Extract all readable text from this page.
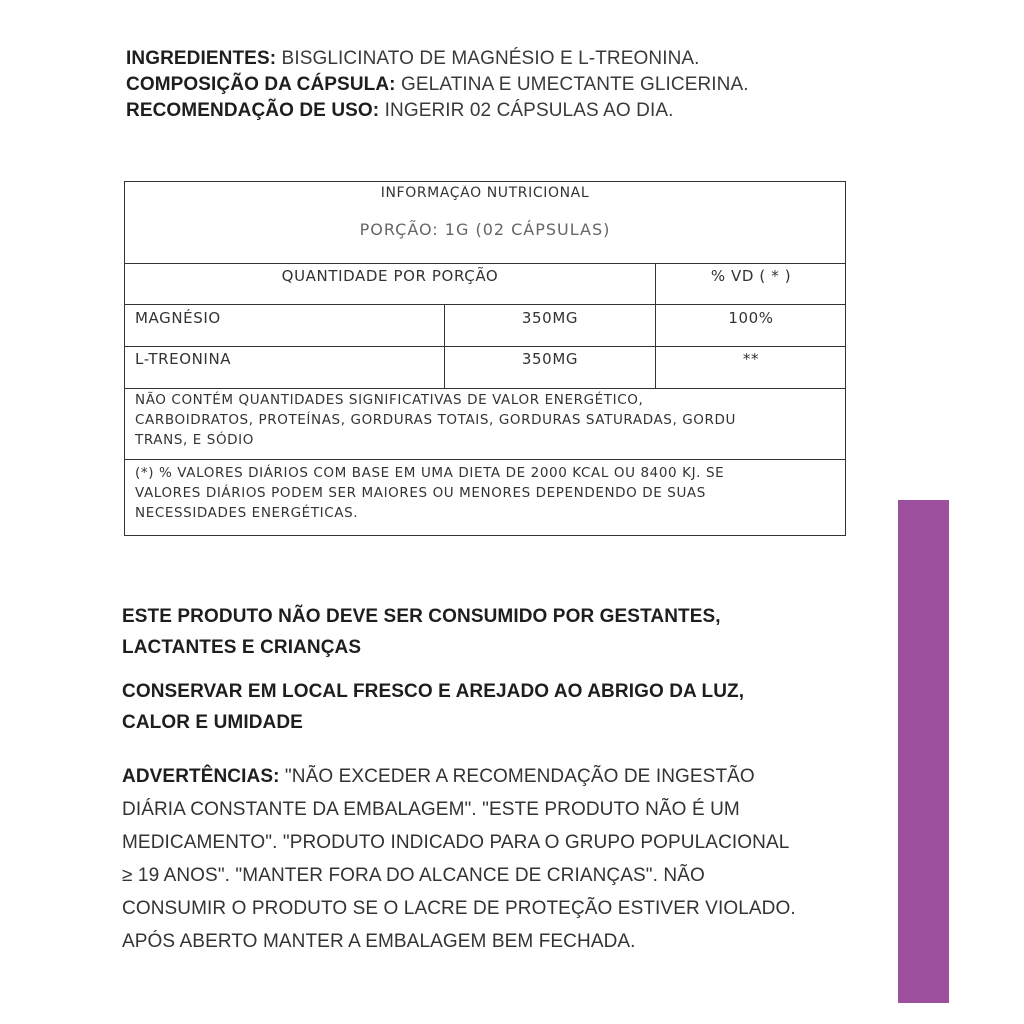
INGREDIENTES: BISGLICINATO DE MAGNÉSIO E L-TREONINA.
COMPOSIÇÃO DA CÁPSULA: GELATINA E UMECTANTE GLICERINA.
RECOMENDAÇÃO DE USO: INGERIR 02 CÁPSULAS AO DIA.
INFORMAÇÃO NUTRICIONAL
PORÇÃO: 1G (02 CÁPSULAS)
QUANTIDADE POR PORÇÃO	% VD ( * )
MAGNÉSIO	350MG	100%
L-TREONINA	350MG	**
NÃO CONTÉM QUANTIDADES SIGNIFICATIVAS DE VALOR ENERGÉTICO,
CARBOIDRATOS, PROTEÍNAS, GORDURAS TOTAIS, GORDURAS SATURADAS, GORDU
TRANS, E SÓDIO
(*) % VALORES DIÁRIOS COM BASE EM UMA DIETA DE 2000 KCAL OU 8400 KJ. SE
VALORES DIÁRIOS PODEM SER MAIORES OU MENORES DEPENDENDO DE SUAS
NECESSIDADES ENERGÉTICAS.
ESTE PRODUTO NÃO DEVE SER CONSUMIDO POR GESTANTES,
LACTANTES E CRIANÇAS
CONSERVAR EM LOCAL FRESCO E AREJADO AO ABRIGO DA LUZ,
CALOR E UMIDADE
ADVERTÊNCIAS: "NÃO EXCEDER A RECOMENDAÇÃO DE INGESTÃO
DIÁRIA CONSTANTE DA EMBALAGEM". "ESTE PRODUTO NÃO É UM
MEDICAMENTO". "PRODUTO INDICADO PARA O GRUPO POPULACIONAL
≥ 19 ANOS". "MANTER FORA DO ALCANCE DE CRIANÇAS". NÃO
CONSUMIR O PRODUTO SE O LACRE DE PROTEÇÃO ESTIVER VIOLADO.
APÓS ABERTO MANTER A EMBALAGEM BEM FECHADA.
